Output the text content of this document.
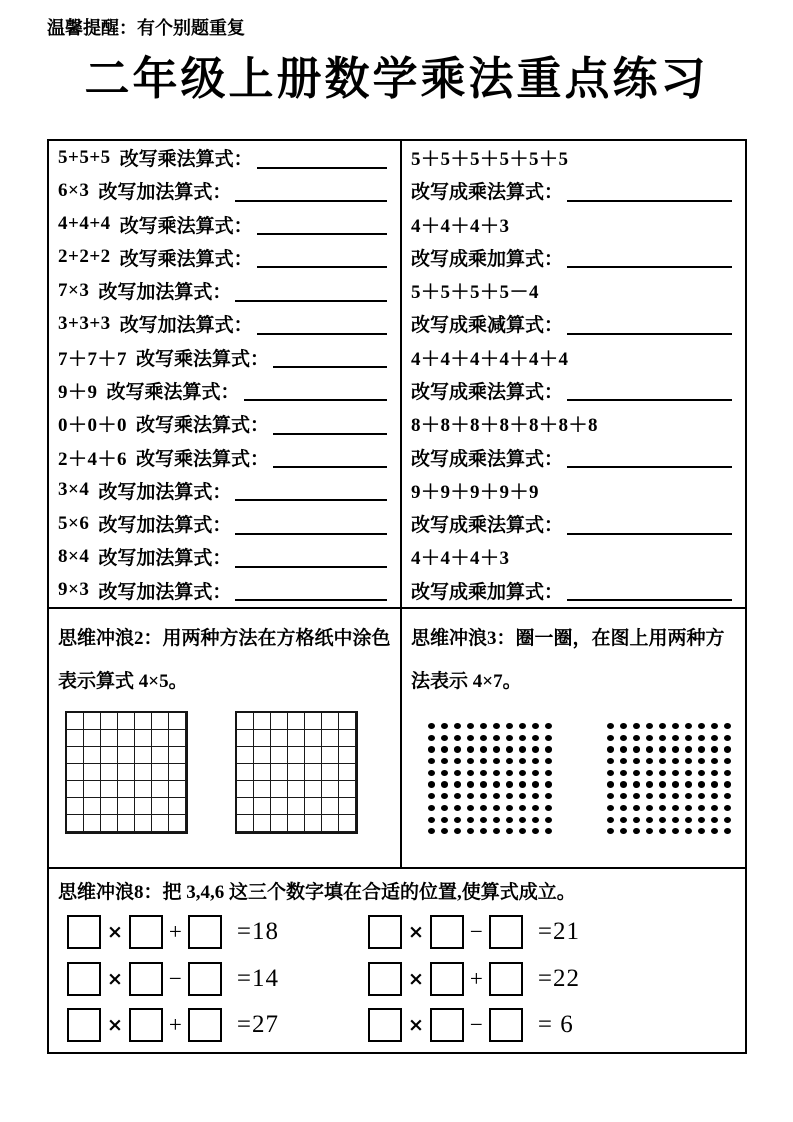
温馨提醒：有个别题重复
二年级上册数学乘法重点练习
5+5+5 改写乘法算式：
6×3 改写加法算式：
4+4+4 改写乘法算式：
2+2+2 改写乘法算式：
7×3 改写加法算式：
3+3+3 改写加法算式：
7＋7＋7 改写乘法算式：
9＋9 改写乘法算式：
0＋0＋0 改写乘法算式：
2＋4＋6 改写乘法算式：
3×4 改写加法算式：
5×6 改写加法算式：
8×4 改写加法算式：
9×3 改写加法算式：
5＋5＋5＋5＋5＋5
改写成乘法算式：
4＋4＋4＋3
改写成乘加算式：
5＋5＋5＋5－4
改写成乘减算式：
4＋4＋4＋4＋4＋4
改写成乘法算式：
8＋8＋8＋8＋8＋8＋8
改写成乘法算式：
9＋9＋9＋9＋9
改写成乘法算式：
4＋4＋4＋3
改写成乘加算式：
思维冲浪2：用两种方法在方格纸中涂色表示算式 4×5。
思维冲浪3：圈一圈，在图上用两种方法表示 4×7。
思维冲浪8：把 3,4,6 这三个数字填在合适的位置,使算式成立。
× + =18
× − =14
× + =27
× − =21
× + =22
× − = 6
